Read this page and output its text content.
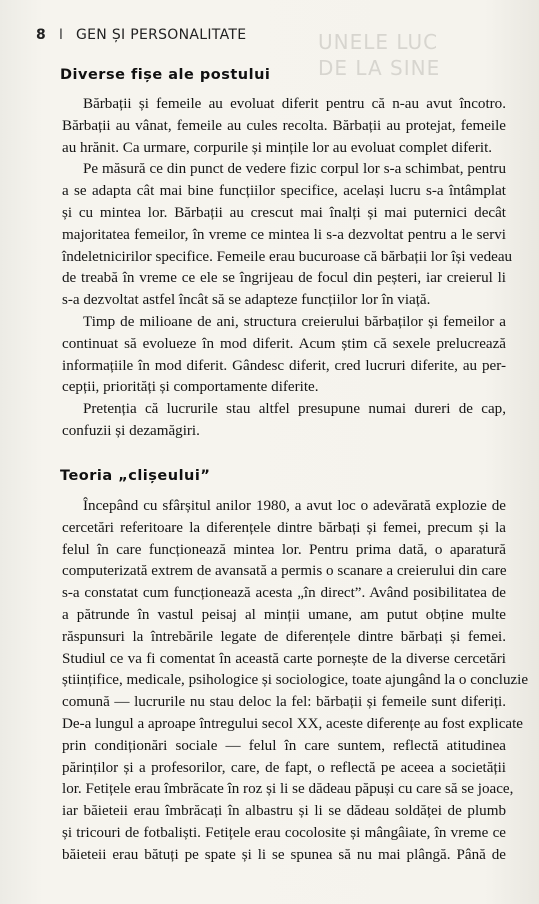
UNELE LUC
DE LA SINE
8 I GEN ȘI PERSONALITATE
Diverse fișe ale postului
Bărbații și femeile au evoluat diferit pentru că n-au avut încotro.
Bărbații au vânat, femeile au cules recolta. Bărbații au protejat, femeile
au hrănit. Ca urmare, corpurile și mințile lor au evoluat complet diferit.
Pe măsură ce din punct de vedere fizic corpul lor s-a schimbat, pentru
a se adapta cât mai bine funcțiilor specifice, același lucru s-a întâmplat
și cu mintea lor. Bărbații au crescut mai înalți și mai puternici decât
majoritatea femeilor, în vreme ce mintea li s-a dezvoltat pentru a le servi
îndeletnicirilor specifice. Femeile erau bucuroase că bărbații lor își vedeau
de treabă în vreme ce ele se îngrijeau de focul din peșteri, iar creierul li
s-a dezvoltat astfel încât să se adapteze funcțiilor lor în viață.
Timp de milioane de ani, structura creierului bărbaților și femeilor a
continuat să evolueze în mod diferit. Acum știm că sexele prelucrează
informațiile în mod diferit. Gândesc diferit, cred lucruri diferite, au per-
cepții, priorități și comportamente diferite.
Pretenția că lucrurile stau altfel presupune numai dureri de cap,
confuzii și dezamăgiri.
Teoria „clișeului”
Începând cu sfârșitul anilor 1980, a avut loc o adevărată explozie de
cercetări referitoare la diferențele dintre bărbați și femei, precum și la
felul în care funcționează mintea lor. Pentru prima dată, o aparatură
computerizată extrem de avansată a permis o scanare a creierului din care
s-a constatat cum funcționează acesta „în direct”. Având posibilitatea de
a pătrunde în vastul peisaj al minții umane, am putut obține multe
răspunsuri la întrebările legate de diferențele dintre bărbați și femei.
Studiul ce va fi comentat în această carte pornește de la diverse cercetări
științifice, medicale, psihologice și sociologice, toate ajungând la o concluzie
comună — lucrurile nu stau deloc la fel: bărbații și femeile sunt diferiți.
De-a lungul a aproape întregului secol XX, aceste diferențe au fost explicate
prin condiționări sociale — felul în care suntem, reflectă atitudinea
părinților și a profesorilor, care, de fapt, o reflectă pe aceea a societății
lor. Fetițele erau îmbrăcate în roz și li se dădeau păpuși cu care să se joace,
iar băieteii erau îmbrăcați în albastru și li se dădeau soldăței de plumb
și tricouri de fotbaliști. Fetițele erau cocolosite și mângâiate, în vreme ce
băieteii erau bătuți pe spate și li se spunea să nu mai plângă. Până de
